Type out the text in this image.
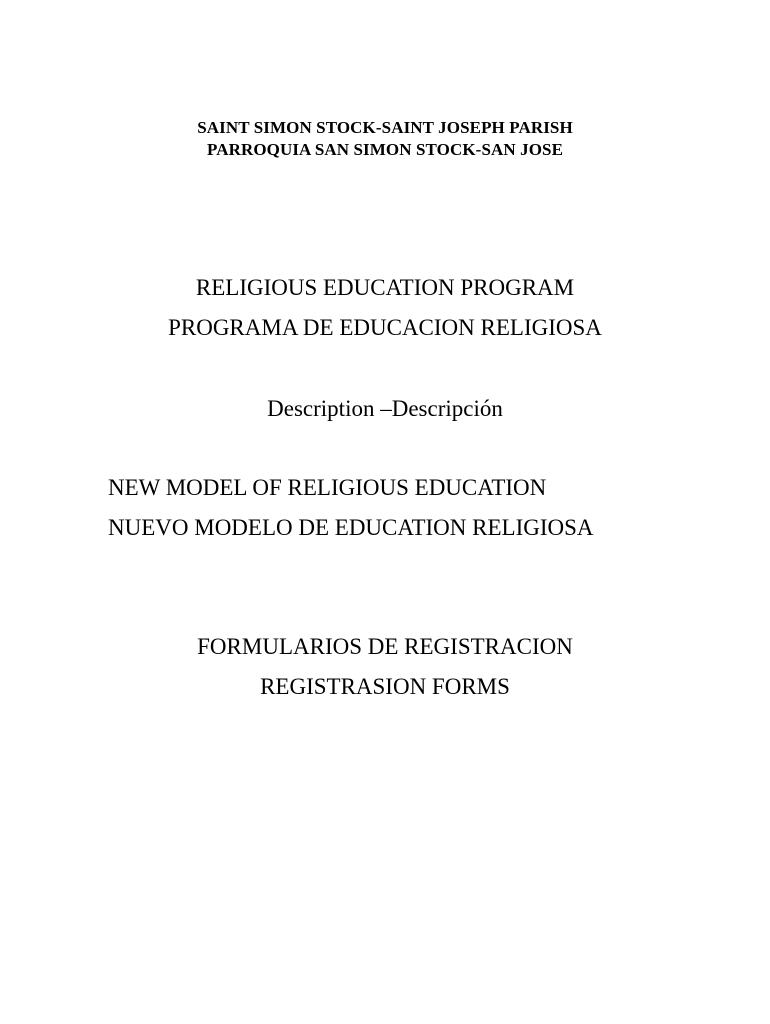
SAINT SIMON STOCK-SAINT JOSEPH PARISH

PARROQUIA SAN SIMON STOCK-SAN JOSE

RELIGIOUS EDUCATION PROGRAM

PROGRAMA DE EDUCACION RELIGIOSA

Description –Descripción

NEW MODEL OF RELIGIOUS EDUCATION

NUEVO MODELO DE EDUCATION RELIGIOSA

FORMULARIOS DE REGISTRACION

REGISTRASION FORMS
